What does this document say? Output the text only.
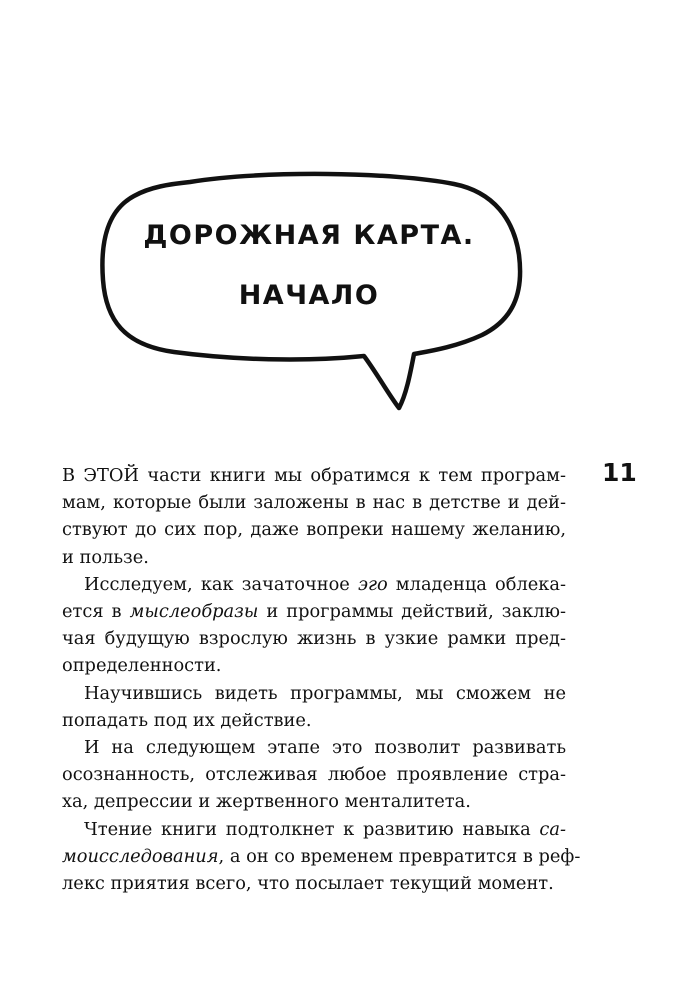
ДОРОЖНАЯ КАРТА.
НАЧАЛО
11

В ЭТОЙ части книги мы обратимся к тем програм-
мам, которые были заложены в нас в детстве и дей-
ствуют до сих пор, даже вопреки нашему желанию,
и пользе.

Исследуем, как зачаточное эго младенца облека-
ется в мыслеобразы и программы действий, заклю-
чая будущую взрослую жизнь в узкие рамки пред-
определенности.

Научившись видеть программы, мы сможем не
попадать под их действие.

И на следующем этапе это позволит развивать
осознанность, отслеживая любое проявление стра-
ха, депрессии и жертвенного менталитета.

Чтение книги подтолкнет к развитию навыка са-
моисследования, а он со временем превратится в реф-
лекс приятия всего, что посылает текущий момент.
